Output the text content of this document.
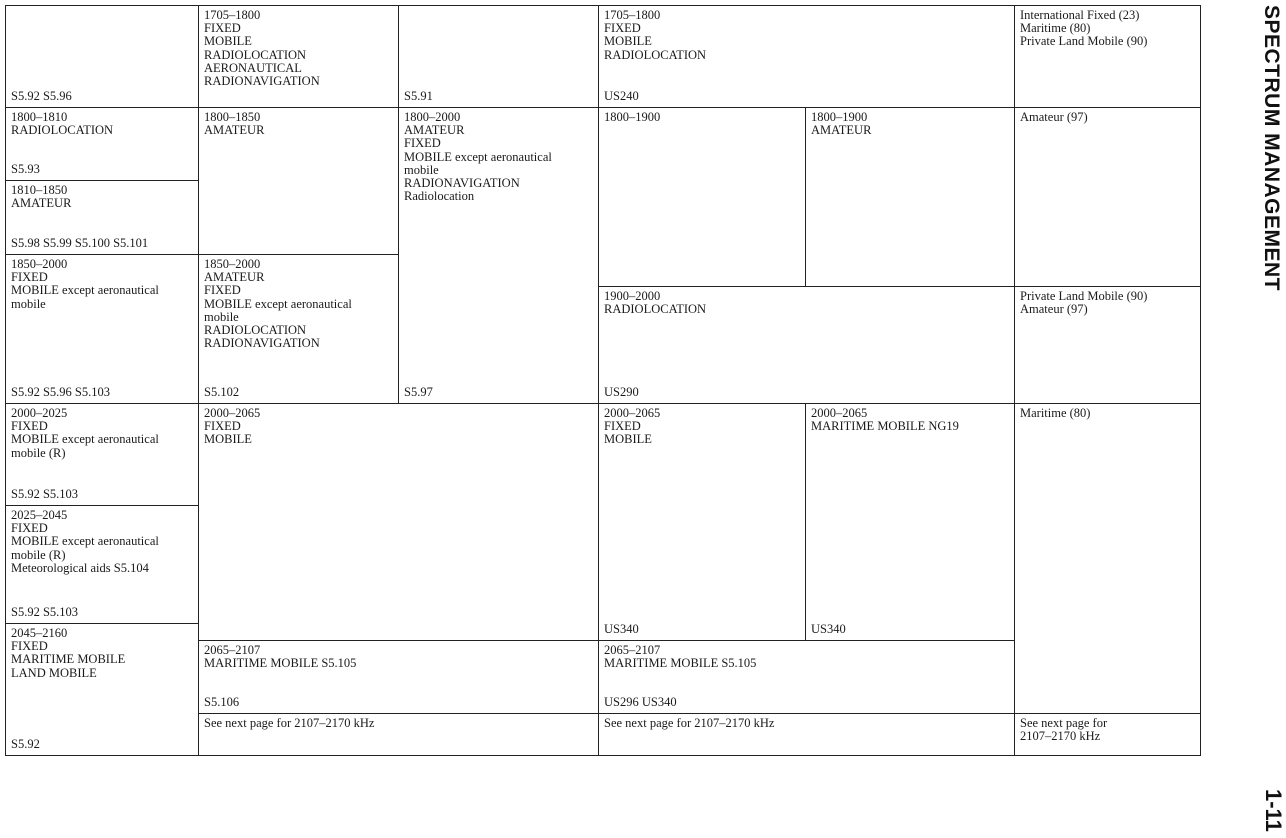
SPECTRUM MANAGEMENT
1-11
S5.92 S5.96
1705–1800
FIXED
MOBILE
RADIOLOCATION
AERONAUTICAL
RADIONAVIGATION
S5.91
1705–1800
FIXED
MOBILE
RADIOLOCATION
US240
International Fixed (23)
Maritime (80)
Private Land Mobile (90)
1800–1810
RADIOLOCATION
S5.93
1810–1850
AMATEUR
S5.98 S5.99 S5.100 S5.101
1850–2000
FIXED
MOBILE except aeronautical
mobile
S5.92 S5.96 S5.103
2000–2025
FIXED
MOBILE except aeronautical
mobile (R)
S5.92 S5.103
2025–2045
FIXED
MOBILE except aeronautical
mobile (R)
Meteorological aids S5.104
S5.92 S5.103
2045–2160
FIXED
MARITIME MOBILE
LAND MOBILE
S5.92
1800–1850
AMATEUR
1850–2000
AMATEUR
FIXED
MOBILE except aeronautical
mobile
RADIOLOCATION
RADIONAVIGATION
S5.102
2000–2065
FIXED
MOBILE
2065–2107
MARITIME MOBILE S5.105
S5.106
See next page for 2107–2170 kHz
1800–2000
AMATEUR
FIXED
MOBILE except aeronautical
mobile
RADIONAVIGATION
Radiolocation
S5.97
1800–1900
1900–2000
RADIOLOCATION
US290
2000–2065
FIXED
MOBILE
US340
2065–2107
MARITIME MOBILE S5.105
US296 US340
See next page for 2107–2170 kHz
1800–1900
AMATEUR
2000–2065
MARITIME MOBILE NG19
US340
Amateur (97)
Private Land Mobile (90)
Amateur (97)
Maritime (80)
See next page for
2107–2170 kHz
